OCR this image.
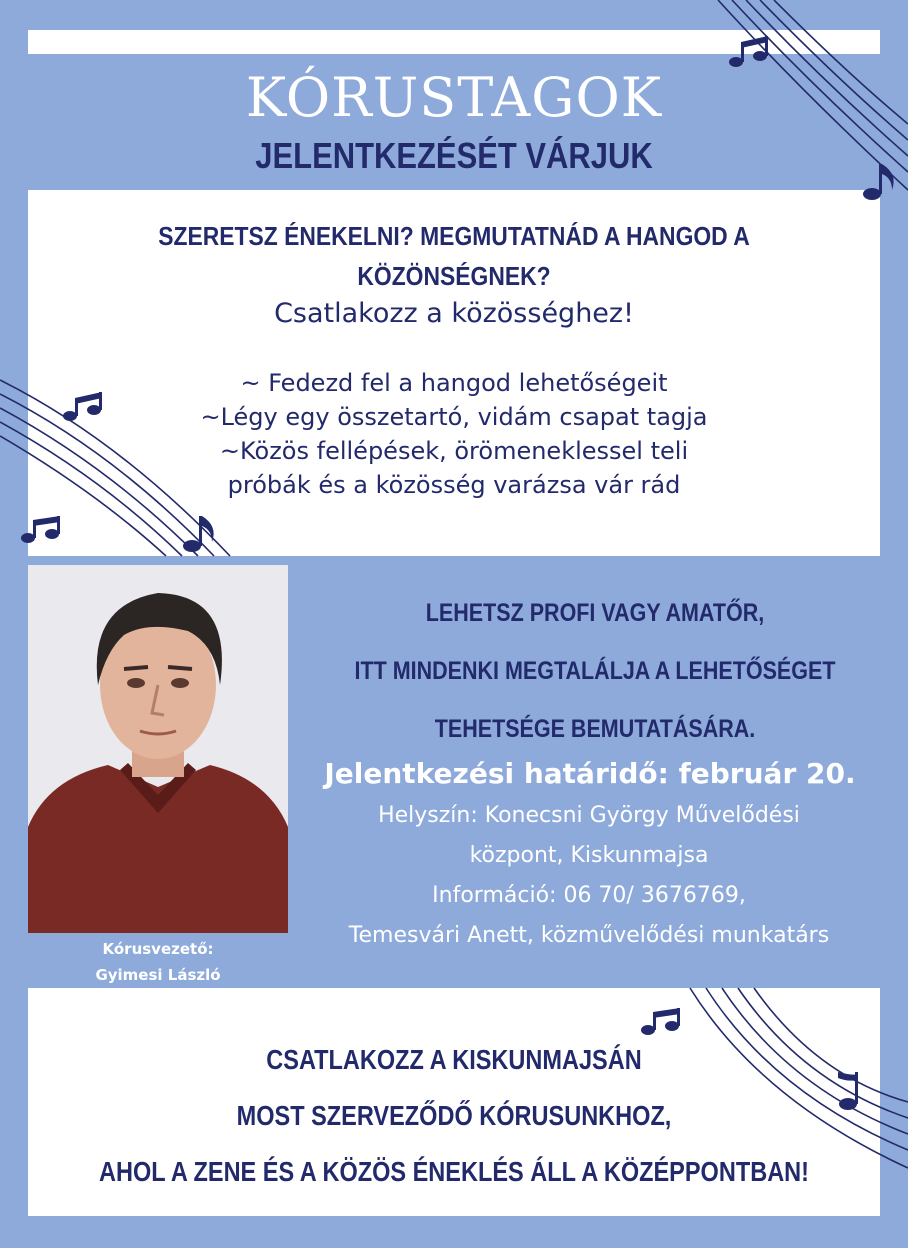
KÓRUSTAGOK
JELENTKEZÉSÉT VÁRJUK
SZERETSZ ÉNEKELNI? MEGMUTATNÁD A HANGOD A KÖZÖNSÉGNEK?
Csatlakozz a közösséghez!
~ Fedezd fel a hangod lehetőségeit
~Légy egy összetartó, vidám csapat tagja
~Közös fellépések, örömeneklessel teli
próbák és a közösség varázsa vár rád
Kórusvezető:
Gyimesi László
LEHETSZ PROFI VAGY AMATŐR,
ITT MINDENKI MEGTALÁLJA A LEHETŐSÉGET
TEHETSÉGE BEMUTATÁSÁRA.
Jelentkezési határidő: február 20.
Helyszín: Konecsni György Művelődési
központ, Kiskunmajsa
Információ: 06 70/ 3676769,
Temesvári Anett, közművelődési munkatárs
CSATLAKOZZ A KISKUNMAJSÁN
MOST SZERVEZŐDŐ KÓRUSUNKHOZ,
AHOL A ZENE ÉS A KÖZÖS ÉNEKLÉS ÁLL A KÖZÉPPONTBAN!
